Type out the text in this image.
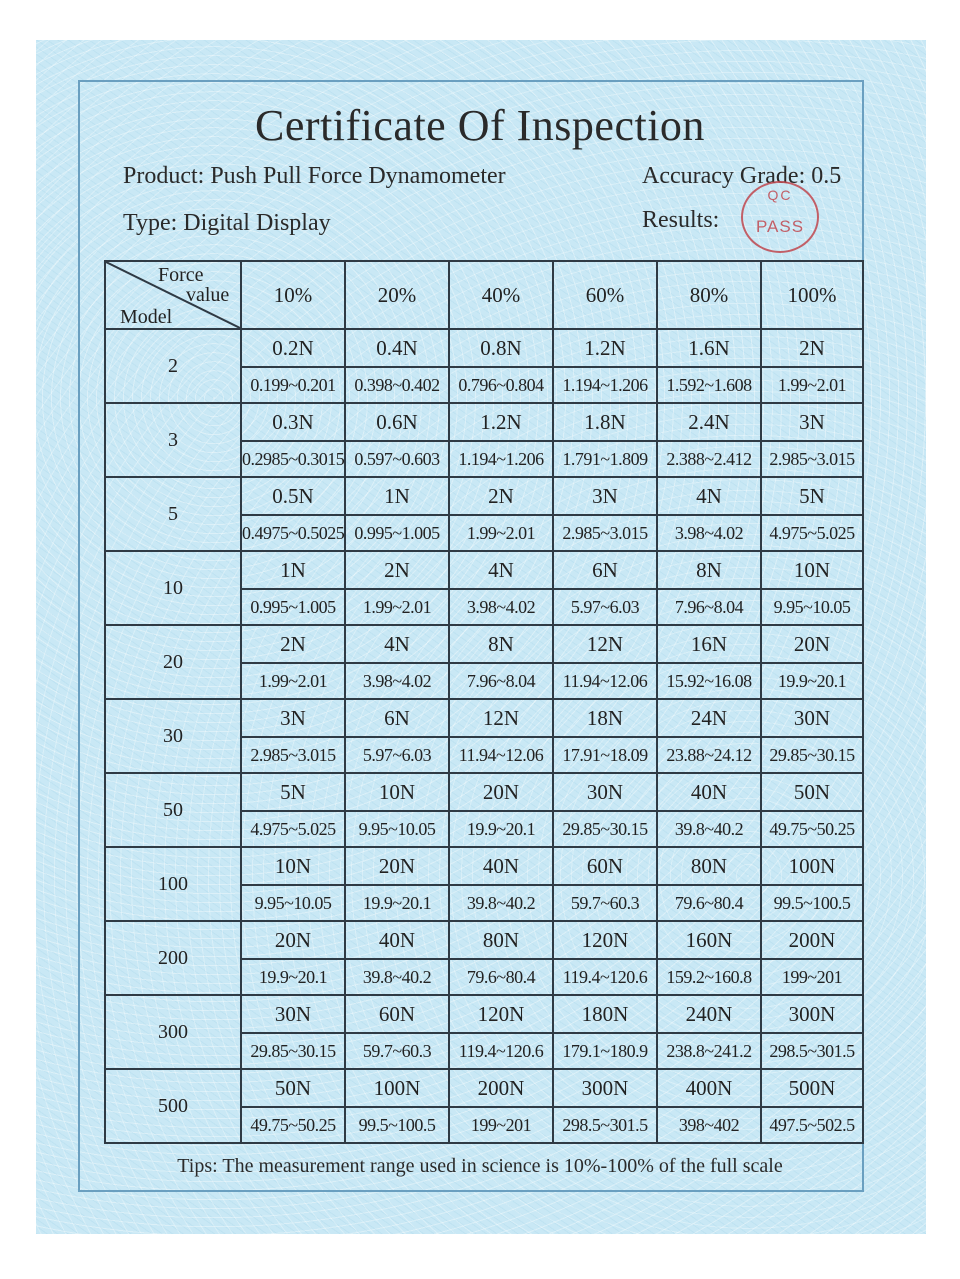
Certificate Of Inspection
Product: Push Pull Force Dynamometer	Accuracy Grade: 0.5
Type: Digital Display	Results:
QC
PASS
Force
value
Model	10%	20%	40%	60%	80%	100%
2	0.2N	0.4N	0.8N	1.2N	1.6N	2N
	0.199~0.201	0.398~0.402	0.796~0.804	1.194~1.206	1.592~1.608	1.99~2.01
3	0.3N	0.6N	1.2N	1.8N	2.4N	3N
	0.2985~0.3015	0.597~0.603	1.194~1.206	1.791~1.809	2.388~2.412	2.985~3.015
5	0.5N	1N	2N	3N	4N	5N
	0.4975~0.5025	0.995~1.005	1.99~2.01	2.985~3.015	3.98~4.02	4.975~5.025
10	1N	2N	4N	6N	8N	10N
	0.995~1.005	1.99~2.01	3.98~4.02	5.97~6.03	7.96~8.04	9.95~10.05
20	2N	4N	8N	12N	16N	20N
	1.99~2.01	3.98~4.02	7.96~8.04	11.94~12.06	15.92~16.08	19.9~20.1
30	3N	6N	12N	18N	24N	30N
	2.985~3.015	5.97~6.03	11.94~12.06	17.91~18.09	23.88~24.12	29.85~30.15
50	5N	10N	20N	30N	40N	50N
	4.975~5.025	9.95~10.05	19.9~20.1	29.85~30.15	39.8~40.2	49.75~50.25
100	10N	20N	40N	60N	80N	100N
	9.95~10.05	19.9~20.1	39.8~40.2	59.7~60.3	79.6~80.4	99.5~100.5
200	20N	40N	80N	120N	160N	200N
	19.9~20.1	39.8~40.2	79.6~80.4	119.4~120.6	159.2~160.8	199~201
300	30N	60N	120N	180N	240N	300N
	29.85~30.15	59.7~60.3	119.4~120.6	179.1~180.9	238.8~241.2	298.5~301.5
500	50N	100N	200N	300N	400N	500N
	49.75~50.25	99.5~100.5	199~201	298.5~301.5	398~402	497.5~502.5
Tips: The measurement range used in science is 10%-100% of the full scale
